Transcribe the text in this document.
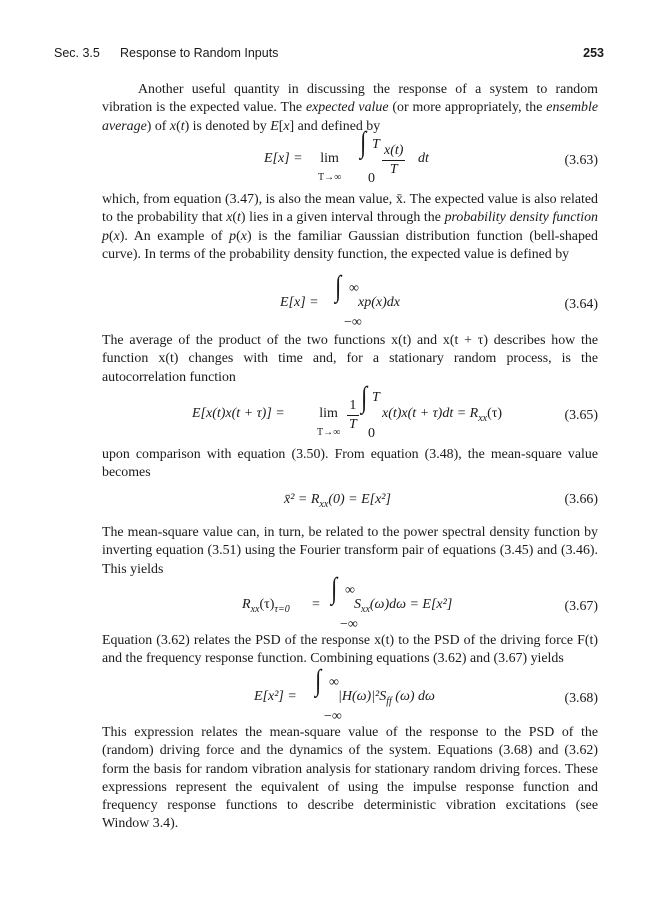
Sec. 3.5 Response to Random Inputs	253

Another useful quantity in discussing the response of a system to random vibration is the expected value. The expected value (or more appropriately, the ensemble average) of x(t) is denoted by E[x] and defined by

E[x] = lim
T→∞
∫ T
$0 \frac{x(t)}{T}$ dt	(3.63)

which, from equation (3.47), is also the mean value, x̄. The expected value is also related to the probability that x(t) lies in a given interval through the probability density function p(x). An example of p(x) is the familiar Gaussian distribution function (bell-shaped curve). In terms of the probability density function, the expected value is defined by

E[x] = ∫ ∞
−∞
xp(x)dx	(3.64)

The average of the product of the two functions x(t) and x(t + τ) describes how the function x(t) changes with time and, for a stationary random process, is the autocorrelation function

E[x(t)x(t + τ)] = lim
$T\to\infty \frac{1}{T}$ ∫ T
0
$x(t)x(t + \tau)dt = R_{xx}(\tau)$	(3.65)

upon comparison with equation (3.50). From equation (3.48), the mean-square value becomes

x̄² = $R_{xx}(0) = E[x^2]$	(3.66)

The mean-square value can, in turn, be related to the power spectral density function by inverting equation (3.51) using the Fourier transform pair of equations (3.45) and (3.46). This yields

$R_{xx}(\tau)_{\tau=0}$ = ∫ ∞
−∞
$S_{xx}(\omega)d\omega = E[x^2]$	(3.67)

Equation (3.62) relates the PSD of the response x(t) to the PSD of the driving force F(t) and the frequency response function. Combining equations (3.62) and (3.67) yields

E[x²] = ∫ ∞
−∞
$|H(\omega)|^2S_{ff}$ (ω) dω	(3.68)

This expression relates the mean-square value of the response to the PSD of the (random) driving force and the dynamics of the system. Equations (3.68) and (3.62) form the basis for random vibration analysis for stationary random driving forces. These expressions represent the equivalent of using the impulse response function and frequency response functions to describe deterministic vibration excitations (see Window 3.4).
